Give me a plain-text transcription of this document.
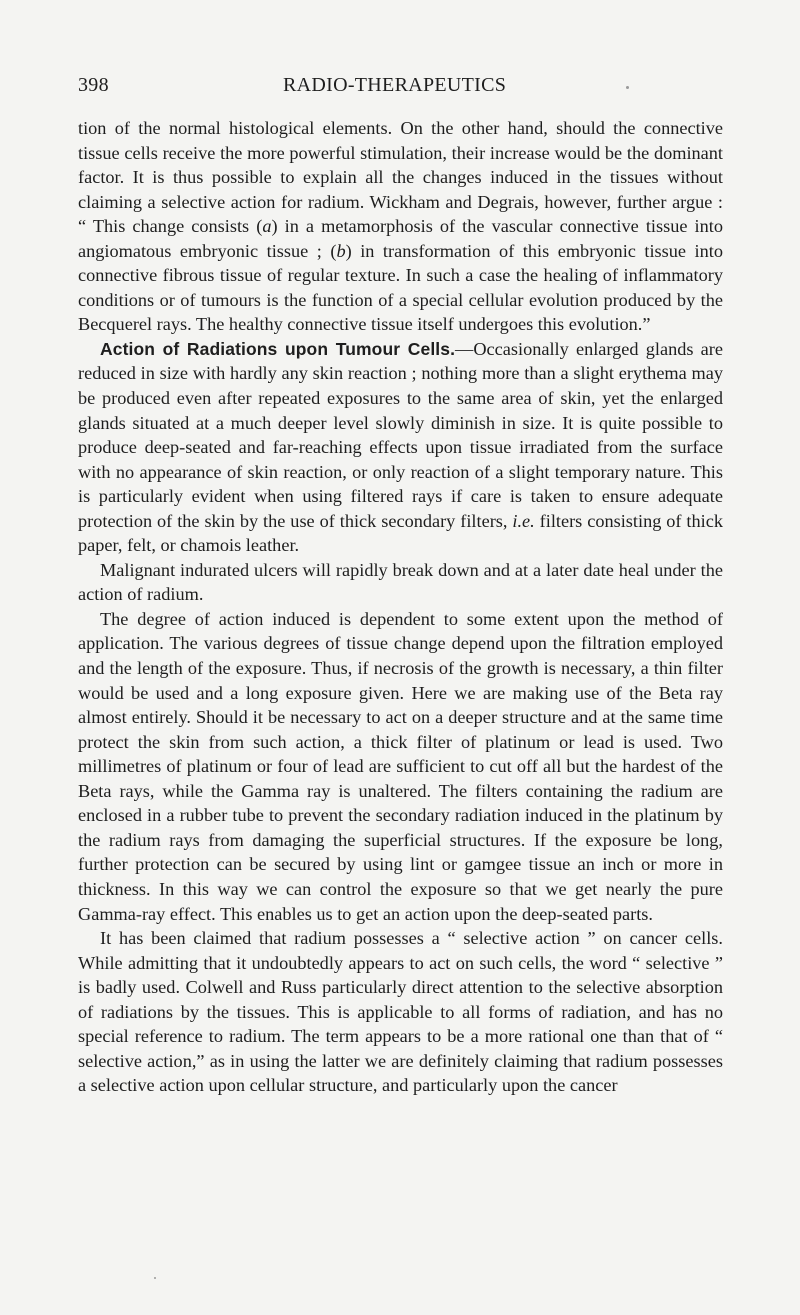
398	RADIO-THERAPEUTICS

tion of the normal histological elements. On the other hand, should the connective tissue cells receive the more powerful stimulation, their increase would be the dominant factor. It is thus possible to explain all the changes induced in the tissues without claiming a selective action for radium. Wickham and Degrais, however, further argue : “ This change consists (a) in a metamorphosis of the vascular connective tissue into angiomatous embryonic tissue ; (b) in transformation of this embryonic tissue into connective fibrous tissue of regular texture. In such a case the healing of inflammatory conditions or of tumours is the function of a special cellular evolution produced by the Becquerel rays. The healthy connective tissue itself undergoes this evolution.”

Action of Radiations upon Tumour Cells.—Occasionally enlarged glands are reduced in size with hardly any skin reaction ; nothing more than a slight erythema may be produced even after repeated exposures to the same area of skin, yet the enlarged glands situated at a much deeper level slowly diminish in size. It is quite possible to produce deep-seated and far-reaching effects upon tissue irradiated from the surface with no appearance of skin reaction, or only reaction of a slight temporary nature. This is particularly evident when using filtered rays if care is taken to ensure adequate protection of the skin by the use of thick secondary filters, i.e. filters consisting of thick paper, felt, or chamois leather.

Malignant indurated ulcers will rapidly break down and at a later date heal under the action of radium.

The degree of action induced is dependent to some extent upon the method of application. The various degrees of tissue change depend upon the filtration employed and the length of the exposure. Thus, if necrosis of the growth is necessary, a thin filter would be used and a long exposure given. Here we are making use of the Beta ray almost entirely. Should it be necessary to act on a deeper structure and at the same time protect the skin from such action, a thick filter of platinum or lead is used. Two millimetres of platinum or four of lead are sufficient to cut off all but the hardest of the Beta rays, while the Gamma ray is unaltered. The filters containing the radium are enclosed in a rubber tube to prevent the secondary radiation induced in the platinum by the radium rays from damaging the superficial structures. If the exposure be long, further protection can be secured by using lint or gamgee tissue an inch or more in thickness. In this way we can control the exposure so that we get nearly the pure Gamma-ray effect. This enables us to get an action upon the deep-seated parts.

It has been claimed that radium possesses a “ selective action ” on cancer cells. While admitting that it undoubtedly appears to act on such cells, the word “ selective ” is badly used. Colwell and Russ particularly direct attention to the selective absorption of radiations by the tissues. This is applicable to all forms of radiation, and has no special reference to radium. The term appears to be a more rational one than that of “ selective action,” as in using the latter we are definitely claiming that radium possesses a selective action upon cellular structure, and particularly upon the cancer
